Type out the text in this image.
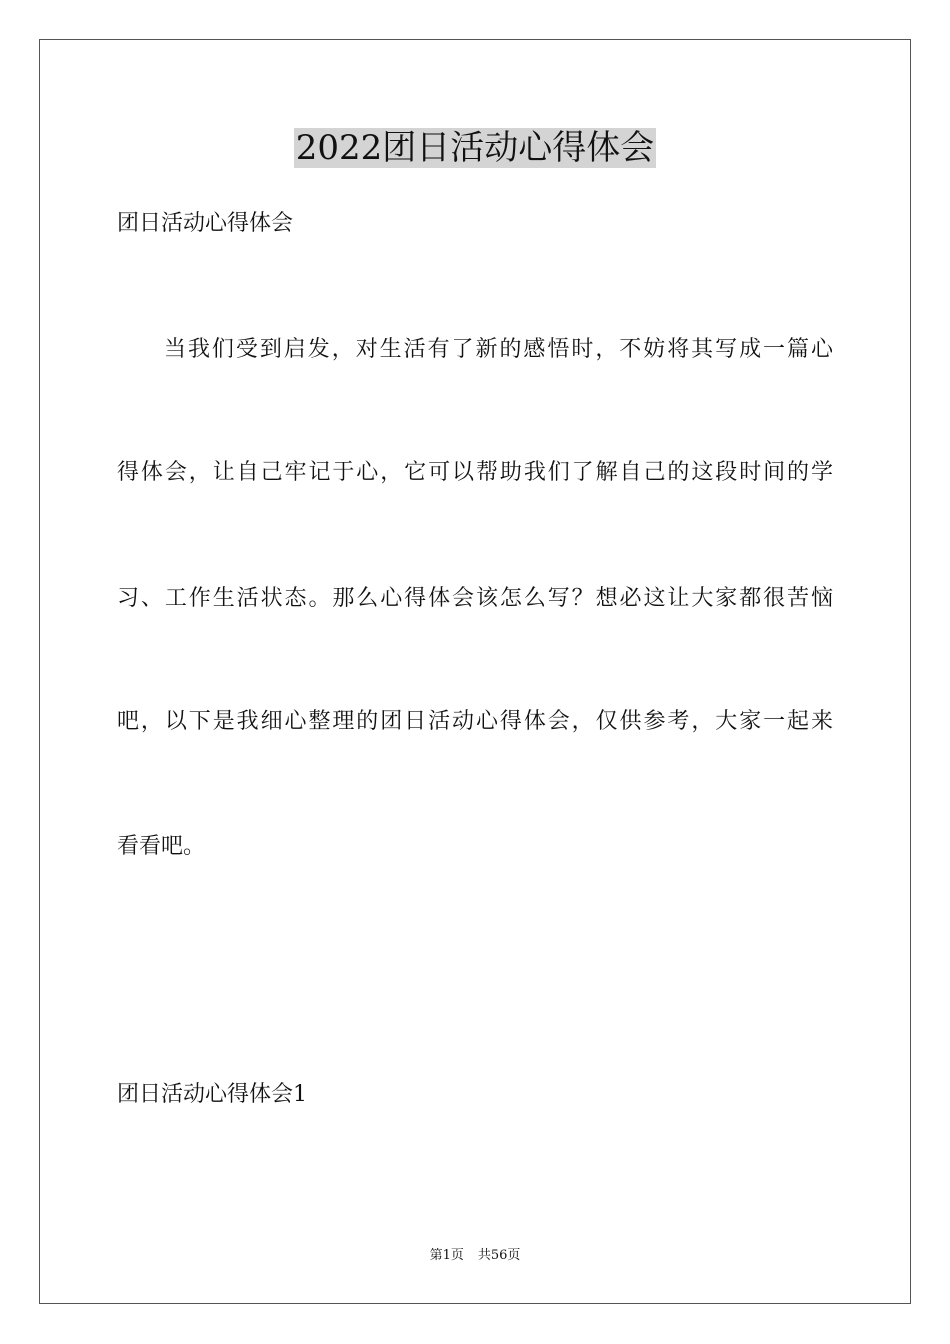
2022团日活动心得体会

团日活动心得体会

当我们受到启发，对生活有了新的感悟时，不妨将其写成一篇心

得体会，让自己牢记于心，它可以帮助我们了解自己的这段时间的学

习、工作生活状态。那么心得体会该怎么写？想必这让大家都很苦恼

吧，以下是我细心整理的团日活动心得体会，仅供参考，大家一起来

看看吧。

团日活动心得体会1

第1页 共56页
